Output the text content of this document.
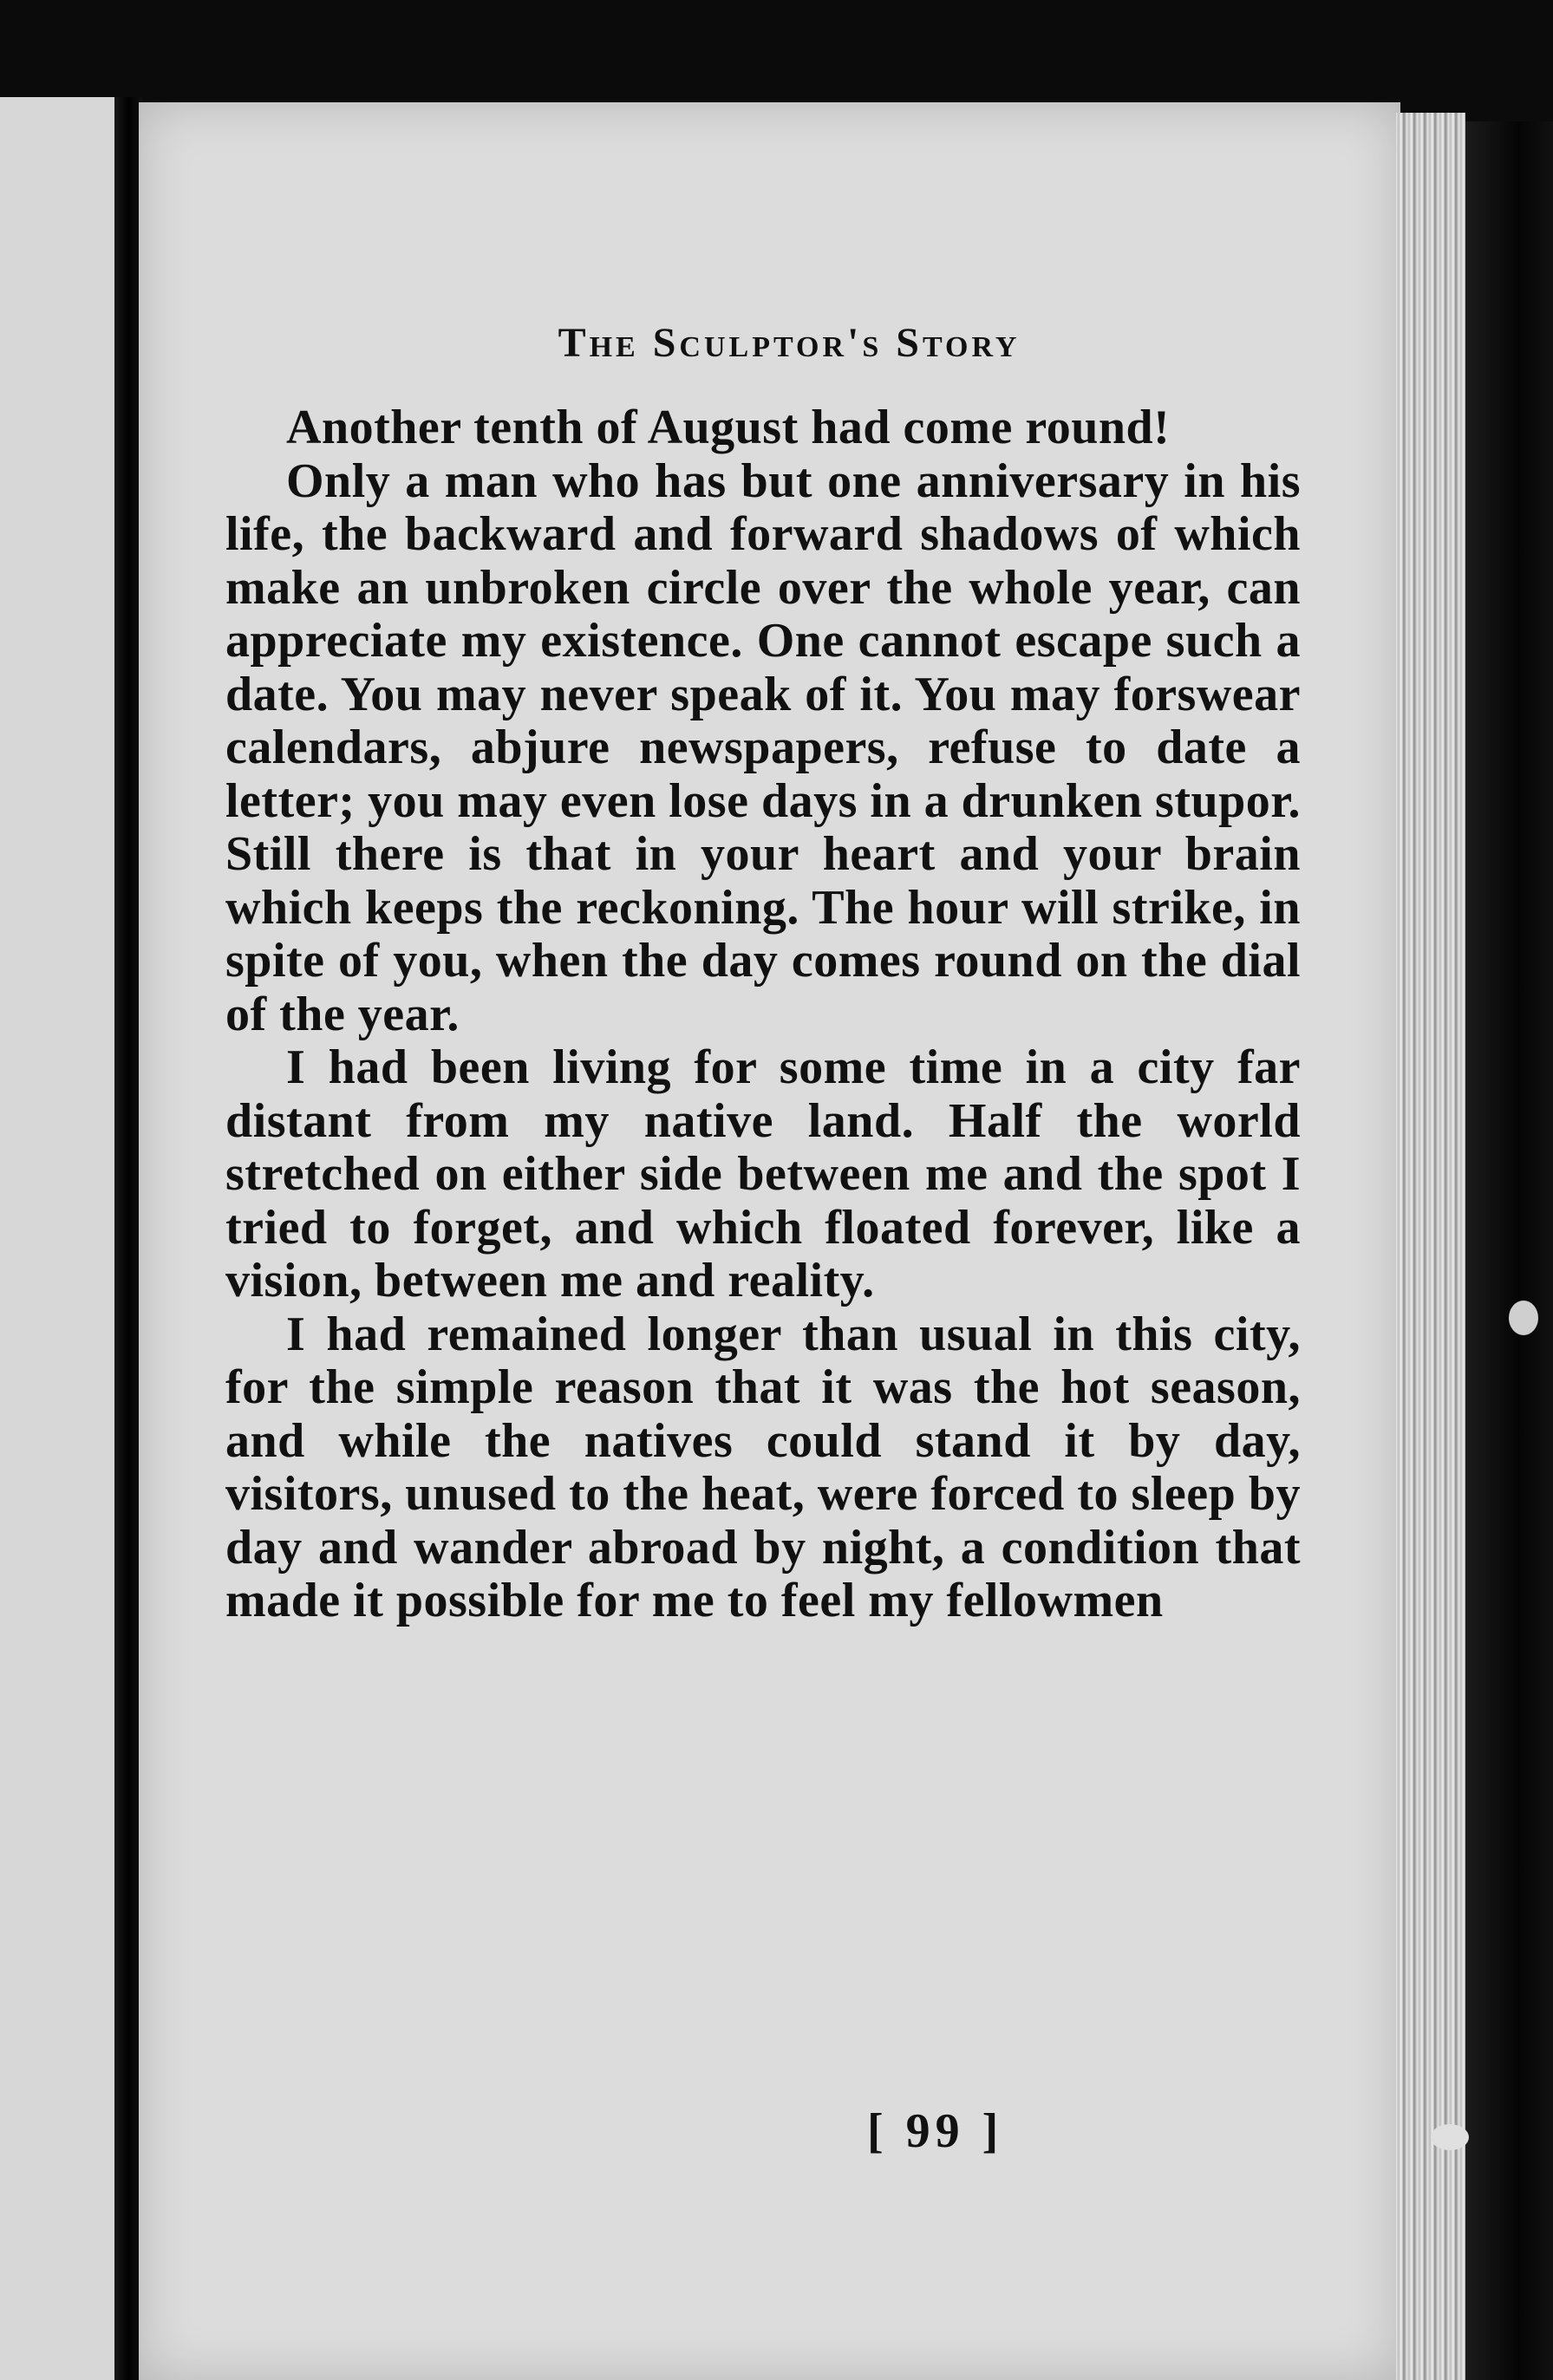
The Sculptor's Story

Another tenth of August had come round!

Only a man who has but one anniversary in his life, the backward and forward shadows of which make an unbroken circle over the whole year, can appreciate my existence. One cannot escape such a date. You may never speak of it. You may forswear calendars, abjure newspapers, refuse to date a letter; you may even lose days in a drunken stupor. Still there is that in your heart and your brain which keeps the reckoning. The hour will strike, in spite of you, when the day comes round on the dial of the year.

I had been living for some time in a city far distant from my native land. Half the world stretched on either side between me and the spot I tried to forget, and which floated forever, like a vision, between me and reality.

I had remained longer than usual in this city, for the simple reason that it was the hot season, and while the natives could stand it by day, visitors, unused to the heat, were forced to sleep by day and wander abroad by night, a condition that made it possible for me to feel my fellowmen

[ 99 ]
